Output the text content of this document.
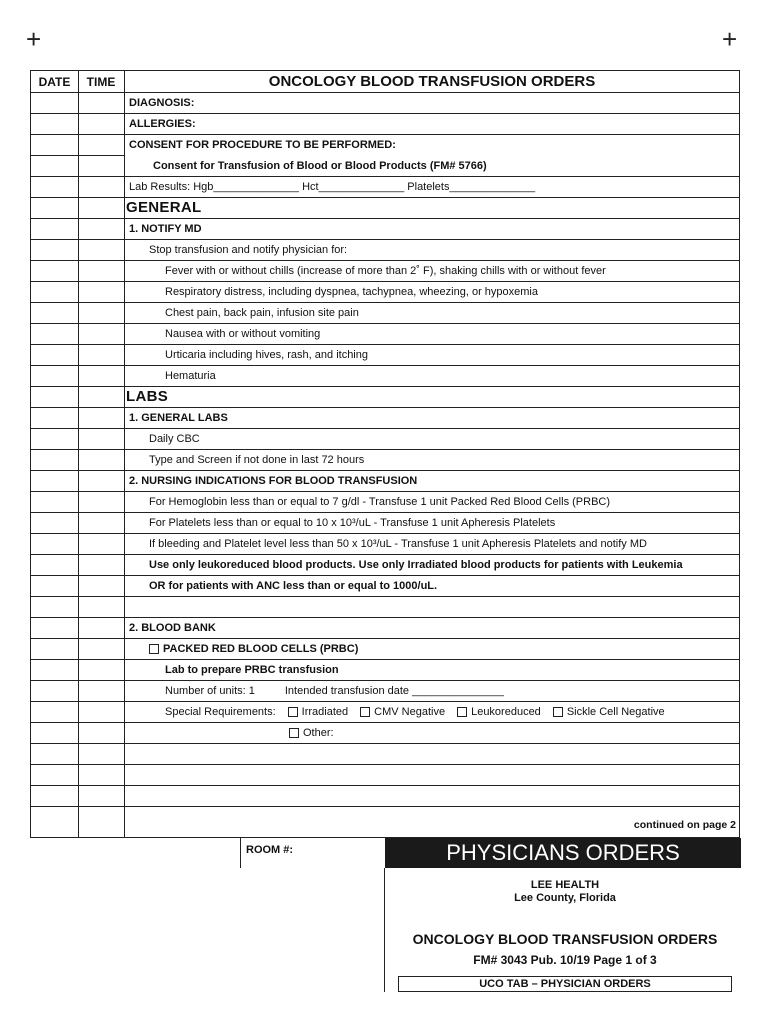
+	+
DATE	TIME	ONCOLOGY BLOOD TRANSFUSION ORDERS
DIAGNOSIS:
ALLERGIES:
CONSENT FOR PROCEDURE TO BE PERFORMED:
Consent for Transfusion of Blood or Blood Products (FM# 5766)
Lab Results: Hgb______________ Hct______________ Platelets______________
GENERAL
1. NOTIFY MD
Stop transfusion and notify physician for:
Fever with or without chills (increase of more than 2˚ F), shaking chills with or without fever
Respiratory distress, including dyspnea, tachypnea, wheezing, or hypoxemia
Chest pain, back pain, infusion site pain
Nausea with or without vomiting
Urticaria including hives, rash, and itching
Hematuria
LABS
1. GENERAL LABS
Daily CBC
Type and Screen if not done in last 72 hours
2. NURSING INDICATIONS FOR BLOOD TRANSFUSION
For Hemoglobin less than or equal to 7 g/dl - Transfuse 1 unit Packed Red Blood Cells (PRBC)
For Platelets less than or equal to 10 x 10³/uL - Transfuse 1 unit Apheresis Platelets
If bleeding and Platelet level less than 50 x 10³/uL - Transfuse 1 unit Apheresis Platelets and notify MD
Use only leukoreduced blood products. Use only Irradiated blood products for patients with Leukemia
OR for patients with ANC less than or equal to 1000/uL.
2. BLOOD BANK
PACKED RED BLOOD CELLS (PRBC)
Lab to prepare PRBC transfusion
Number of units: 1	Intended transfusion date _______________
Special Requirements: Irradiated CMV Negative Leukoreduced Sickle Cell Negative
Other:
continued on page 2
ROOM #:	PHYSICIANS ORDERS
LEE HEALTH
Lee County, Florida
ONCOLOGY BLOOD TRANSFUSION ORDERS
FM# 3043 Pub. 10/19 Page 1 of 3
UCO TAB – PHYSICIAN ORDERS
